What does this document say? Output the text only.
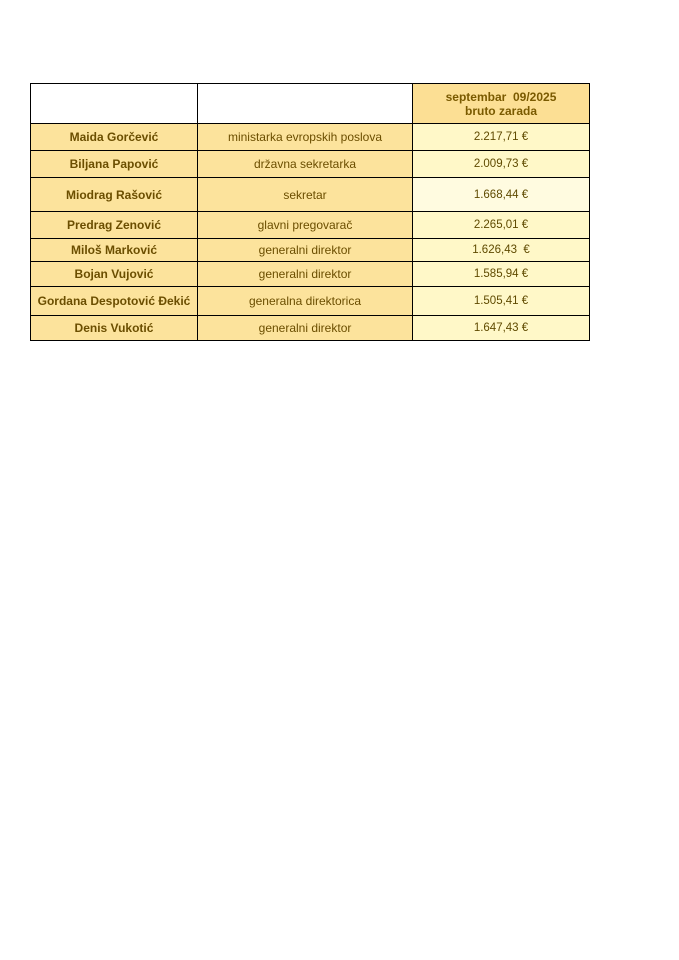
		septembar  09/2025
bruto zarada

Maida Gorčević	ministarka evropskih poslova	2.217,71 €
Biljana Papović	državna sekretarka	2.009,73 €
Miodrag Rašović	sekretar	1.668,44 €
Predrag Zenović	glavni pregovarač	2.265,01 €
Miloš Marković	generalni direktor	1.626,43  €
Bojan Vujović	generalni direktor	1.585,94 €
Gordana Despotović Đekić	generalna direktorica	1.505,41 €
Denis Vukotić	generalni direktor	1.647,43 €
